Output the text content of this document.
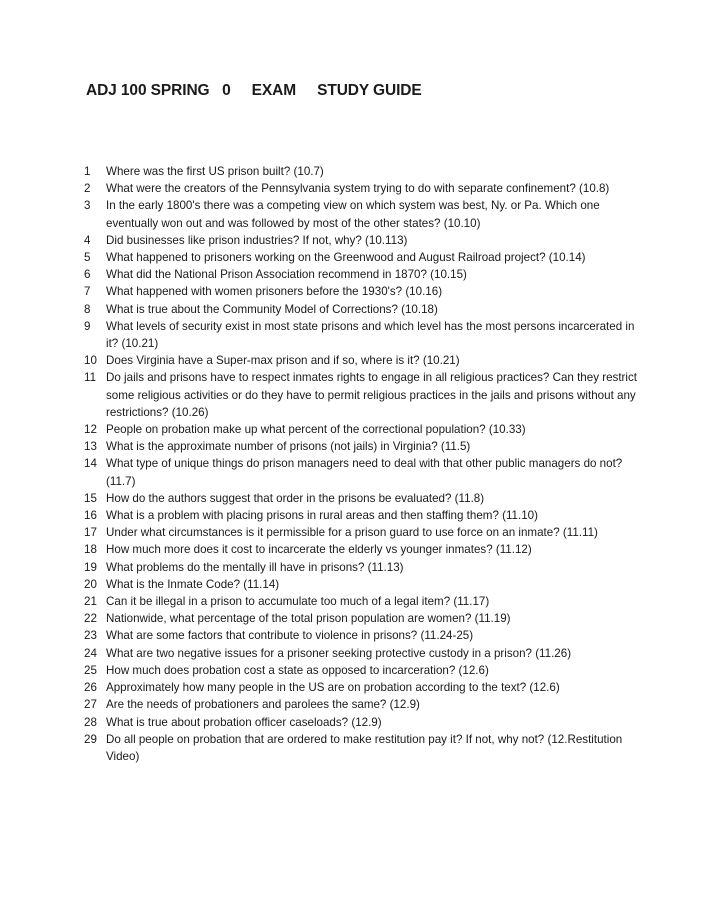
ADJ 100 SPRING   0     EXAM     STUDY GUIDE
1	Where was the first US prison built? (10.7)
2	What were the creators of the Pennsylvania system trying to do with separate confinement? (10.8)
3	In the early 1800's there was a competing view on which system was best, Ny. or Pa. Which one eventually won out and was followed by most of the other states? (10.10)
4	Did businesses like prison industries? If not, why? (10.113)
5	What happened to prisoners working on the Greenwood and August Railroad project? (10.14)
6	What did the National Prison Association recommend in 1870? (10.15)
7	What happened with women prisoners before the 1930's? (10.16)
8	What is true about the Community Model of Corrections? (10.18)
9	What levels of security exist in most state prisons and which level has the most persons incarcerated in it? (10.21)
10 Does Virginia have a Super-max prison and if so, where is it? (10.21)
11 Do jails and prisons have to respect inmates rights to engage in all religious practices? Can they restrict some religious activities or do they have to permit religious practices in the jails and prisons without any restrictions? (10.26)
12 People on probation make up what percent of the correctional population? (10.33)
13 What is the approximate number of prisons (not jails) in Virginia? (11.5)
14 What type of unique things do prison managers need to deal with that other public managers do not? (11.7)
15 How do the authors suggest that order in the prisons be evaluated? (11.8)
16 What is a problem with placing prisons in rural areas and then staffing them? (11.10)
17 Under what circumstances is it permissible for a prison guard to use force on an inmate? (11.11)
18 How much more does it cost to incarcerate the elderly vs younger inmates? (11.12)
19 What problems do the mentally ill have in prisons? (11.13)
20 What is the Inmate Code? (11.14)
21 Can it be illegal in a prison to accumulate too much of a legal item? (11.17)
22 Nationwide, what percentage of the total prison population are women? (11.19)
23 What are some factors that contribute to violence in prisons? (11.24-25)
24 What are two negative issues for a prisoner seeking protective custody in a prison? (11.26)
25 How much does probation cost a state as opposed to incarceration? (12.6)
26 Approximately how many people in the US are on probation according to the text? (12.6)
27 Are the needs of probationers and parolees the same? (12.9)
28 What is true about probation officer caseloads? (12.9)
29 Do all people on probation that are ordered to make restitution pay it? If not, why not? (12.Restitution Video)
